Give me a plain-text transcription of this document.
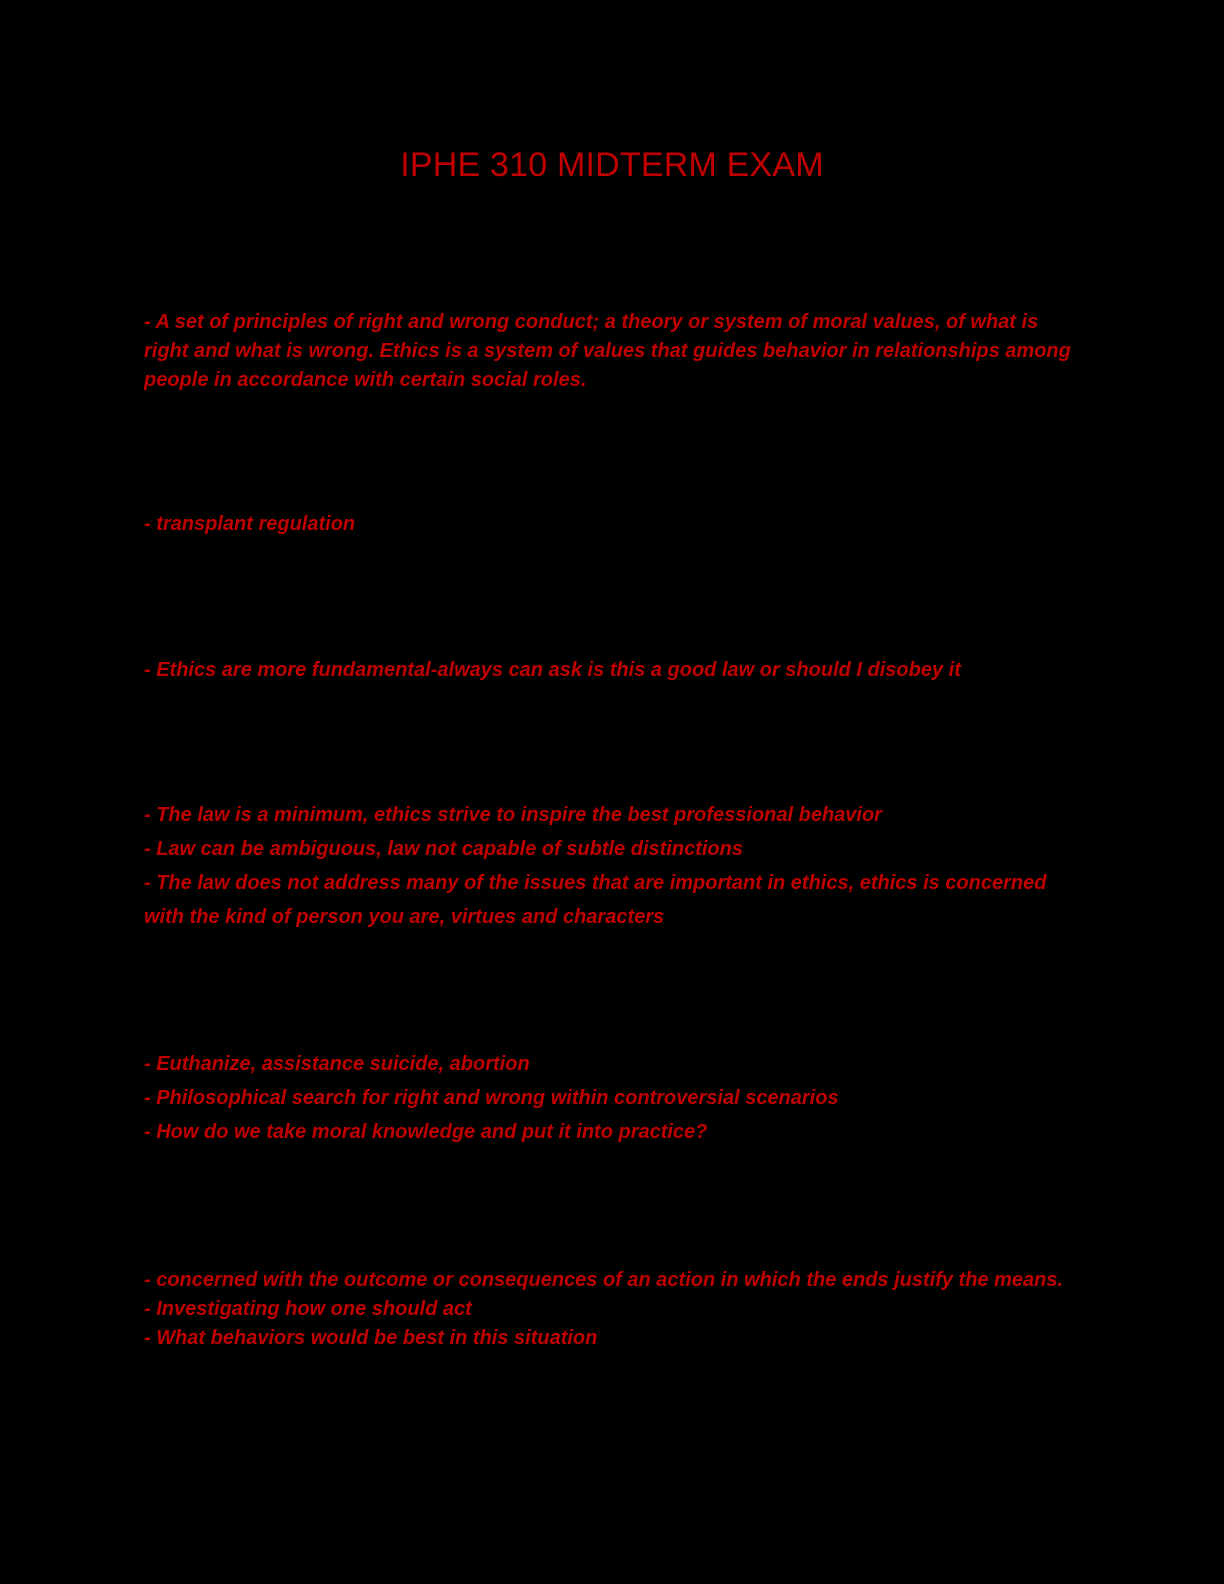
IPHE 310 MIDTERM EXAM

- A set of principles of right and wrong conduct; a theory or system of moral values, of what is right and what is wrong. Ethics is a system of values that guides behavior in relationships among people in accordance with certain social roles.

- transplant regulation

- Ethics are more fundamental-always can ask is this a good law or should I disobey it

- The law is a minimum, ethics strive to inspire the best professional behavior

- Law can be ambiguous, law not capable of subtle distinctions

- The law does not address many of the issues that are important in ethics, ethics is concerned with the kind of person you are, virtues and characters

- Euthanize, assistance suicide, abortion

- Philosophical search for right and wrong within controversial scenarios

- How do we take moral knowledge and put it into practice?

- concerned with the outcome or consequences of an action in which the ends justify the means.

- Investigating how one should act

- What behaviors would be best in this situation
